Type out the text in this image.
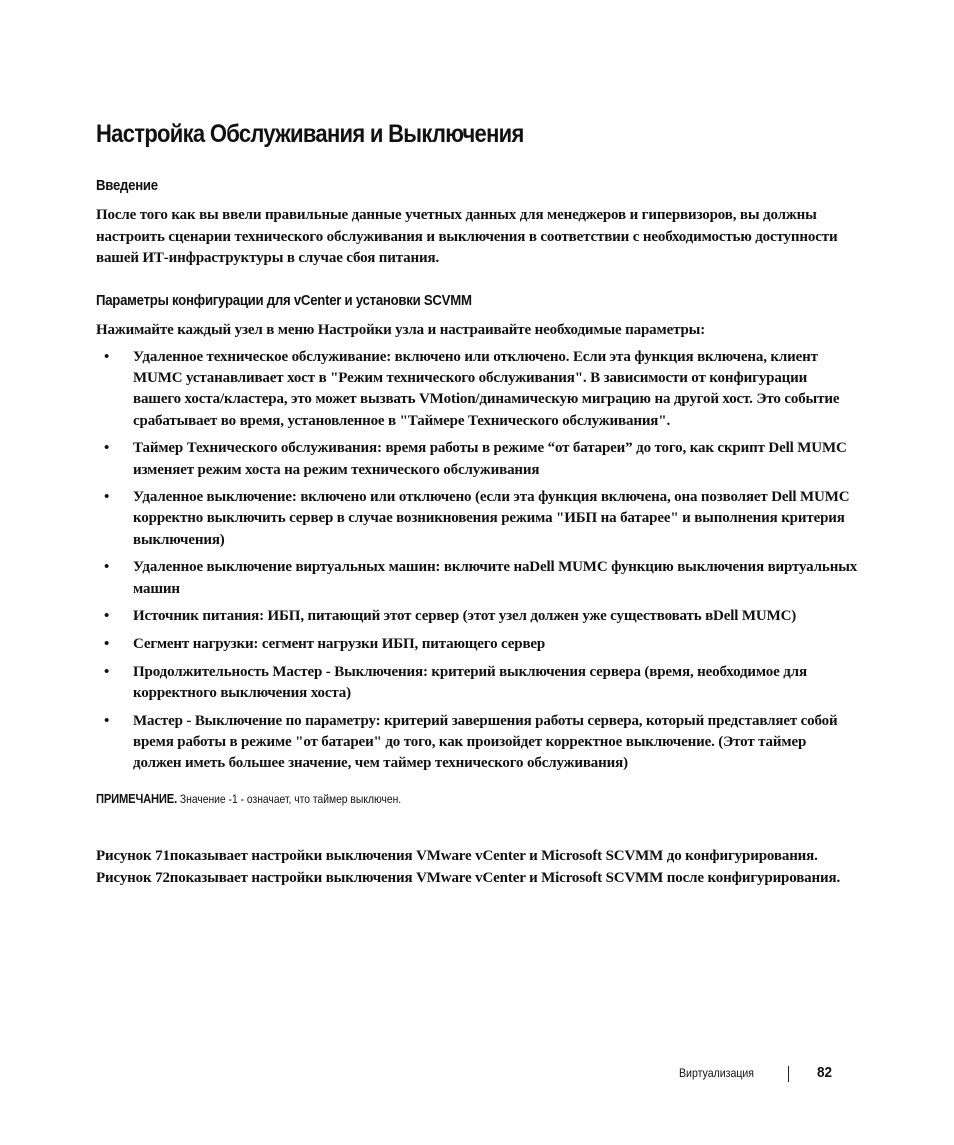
Настройка Обслуживания и Выключения
Введение

После того как вы ввели правильные данные учетных данных для менеджеров и гипервизоров, вы должны настроить сценарии технического обслуживания и выключения в соответствии с необходимостью доступности вашей ИТ-инфраструктуры в случае сбоя питания.

Параметры конфигурации для vCenter и установки SCVMM

Нажимайте каждый узел в меню Настройки узла и настраивайте необходимые параметры:

• Удаленное техническое обслуживание: включено или отключено. Если эта функция включена, клиент MUMC устанавливает хост в "Режим технического обслуживания". В зависимости от конфигурации вашего хоста/кластера, это может вызвать VMotion/динамическую миграцию на другой хост. Это событие срабатывает во время, установленное в "Таймере Технического обслуживания".
• Таймер Технического обслуживания: время работы в режиме “от батареи” до того, как скрипт Dell MUMC изменяет режим хоста на режим технического обслуживания
• Удаленное выключение: включено или отключено (если эта функция включена, она позволяет Dell MUMC корректно выключить сервер в случае возникновения режима "ИБП на батарее" и выполнения критерия выключения)
• Удаленное выключение виртуальных машин: включите наDell MUMC функцию выключения виртуальных машин
• Источник питания: ИБП, питающий этот сервер (этот узел должен уже существовать вDell MUMC)
• Сегмент нагрузки: сегмент нагрузки ИБП, питающего сервер
• Продолжительность Мастер - Выключения: критерий выключения сервера (время, необходимое для корректного выключения хоста)
• Мастер - Выключение по параметру: критерий завершения работы сервера, который представляет собой время работы в режиме "от батареи" до того, как произойдет корректное выключение. (Этот таймер должен иметь большее значение, чем таймер технического обслуживания)
ПРИМЕЧАНИЕ. Значение -1 - означает, что таймер выключен.

Рисунок 71показывает настройки выключения VMware vCenter и Microsoft SCVMM до конфигурирования. Рисунок 72показывает настройки выключения VMware vCenter и Microsoft SCVMM после конфигурирования.

Виртуализация	82
